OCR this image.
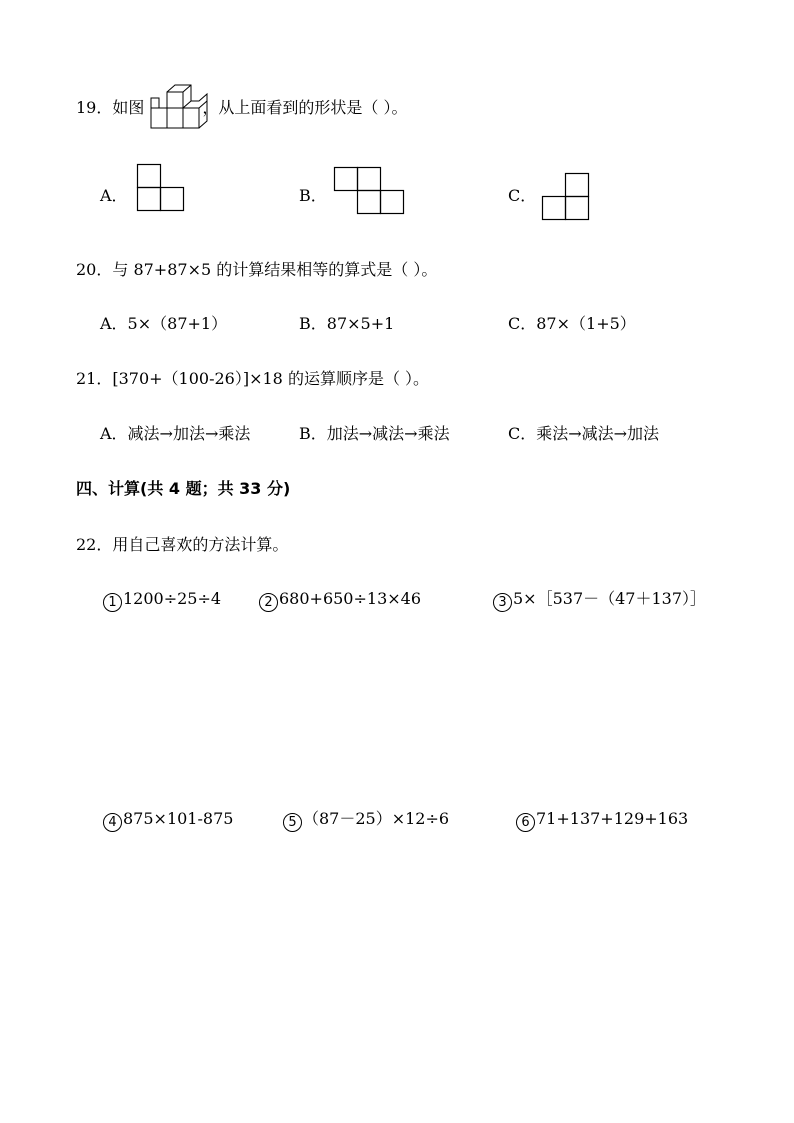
19．如图	，从上面看到的形状是（ ）。
A．	B．	C．
20．与 87+87×5 的计算结果相等的算式是（ ）。
A．5×（87+1）	B．87×5+1	C．87×（1+5）
21．[370+（100-26）]×18 的运算顺序是（ ）。
A．减法→加法→乘法	B．加法→减法→乘法	C．乘法→减法→加法
四、计算(共 4 题；共 33 分)
22．用自己喜欢的方法计算。
1 1200÷25÷4	2 680+650÷13×46	3 5×［537－（47＋137）］
4 875×101-875	5 （87－25）×12÷6	6 71+137+129+163
